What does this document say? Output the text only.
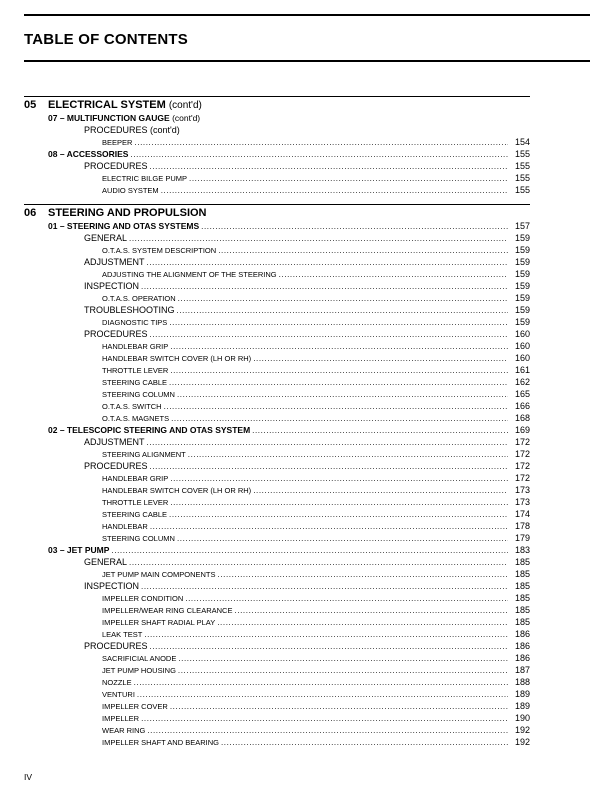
TABLE OF CONTENTS
05	ELECTRICAL SYSTEM (cont'd)
07 – MULTIFUNCTION GAUGE (cont'd)
PROCEDURES (cont'd)
BEEPER .....	154
08 – ACCESSORIES .....	155
PROCEDURES .....	155
ELECTRIC BILGE PUMP .....	155
AUDIO SYSTEM .....	155
06	STEERING AND PROPULSION
01 – STEERING AND OTAS SYSTEMS .....	157
GENERAL .....	159
O.T.A.S. SYSTEM DESCRIPTION .....	159
ADJUSTMENT .....	159
ADJUSTING THE ALIGNMENT OF THE STEERING .....	159
INSPECTION .....	159
O.T.A.S. OPERATION .....	159
TROUBLESHOOTING .....	159
DIAGNOSTIC TIPS .....	159
PROCEDURES .....	160
HANDLEBAR GRIP .....	160
HANDLEBAR SWITCH COVER (LH OR RH) .....	160
THROTTLE LEVER .....	161
STEERING CABLE .....	162
STEERING COLUMN .....	165
O.T.A.S. SWITCH .....	166
O.T.A.S. MAGNETS .....	168
02 – TELESCOPIC STEERING AND OTAS SYSTEM .....	169
ADJUSTMENT .....	172
STEERING ALIGNMENT .....	172
PROCEDURES .....	172
HANDLEBAR GRIP .....	172
HANDLEBAR SWITCH COVER (LH OR RH) .....	173
THROTTLE LEVER .....	173
STEERING CABLE .....	174
HANDLEBAR .....	178
STEERING COLUMN .....	179
03 – JET PUMP .....	183
GENERAL .....	185
JET PUMP MAIN COMPONENTS .....	185
INSPECTION .....	185
IMPELLER CONDITION .....	185
IMPELLER/WEAR RING CLEARANCE .....	185
IMPELLER SHAFT RADIAL PLAY .....	185
LEAK TEST .....	186
PROCEDURES .....	186
SACRIFICIAL ANODE .....	186
JET PUMP HOUSING .....	187
NOZZLE .....	188
VENTURI .....	189
IMPELLER COVER .....	189
IMPELLER .....	190
WEAR RING .....	192
IMPELLER SHAFT AND BEARING .....	192
IV
